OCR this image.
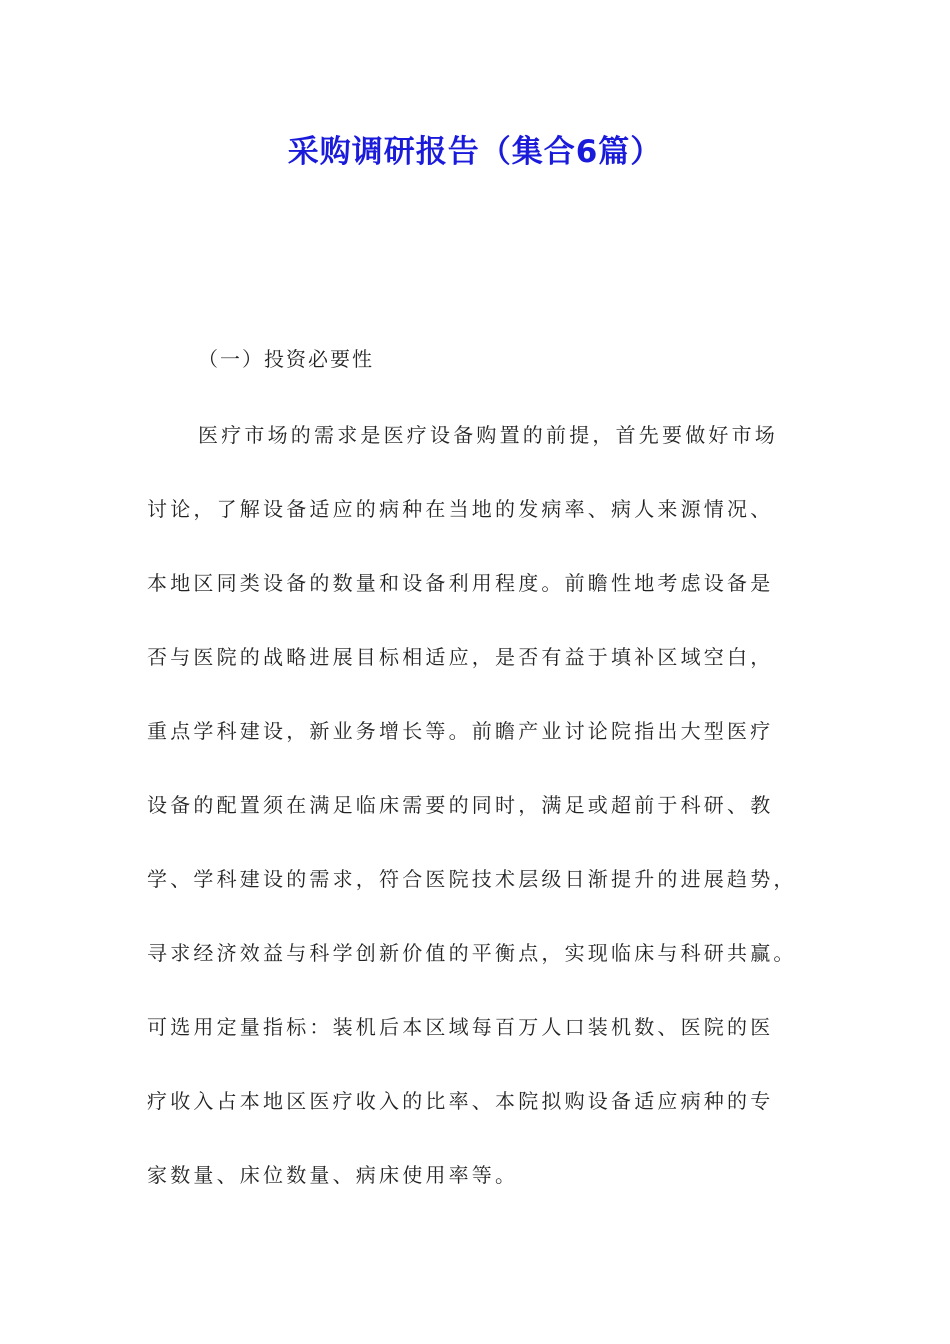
采购调研报告（集合6篇）
（一）投资必要性
医疗市场的需求是医疗设备购置的前提，首先要做好市场
讨论，了解设备适应的病种在当地的发病率、病人来源情况、
本地区同类设备的数量和设备利用程度。前瞻性地考虑设备是
否与医院的战略进展目标相适应，是否有益于填补区域空白，
重点学科建设，新业务增长等。前瞻产业讨论院指出大型医疗
设备的配置须在满足临床需要的同时，满足或超前于科研、教
学、学科建设的需求，符合医院技术层级日渐提升的进展趋势，
寻求经济效益与科学创新价值的平衡点，实现临床与科研共赢。
可选用定量指标：装机后本区域每百万人口装机数、医院的医
疗收入占本地区医疗收入的比率、本院拟购设备适应病种的专
家数量、床位数量、病床使用率等。
